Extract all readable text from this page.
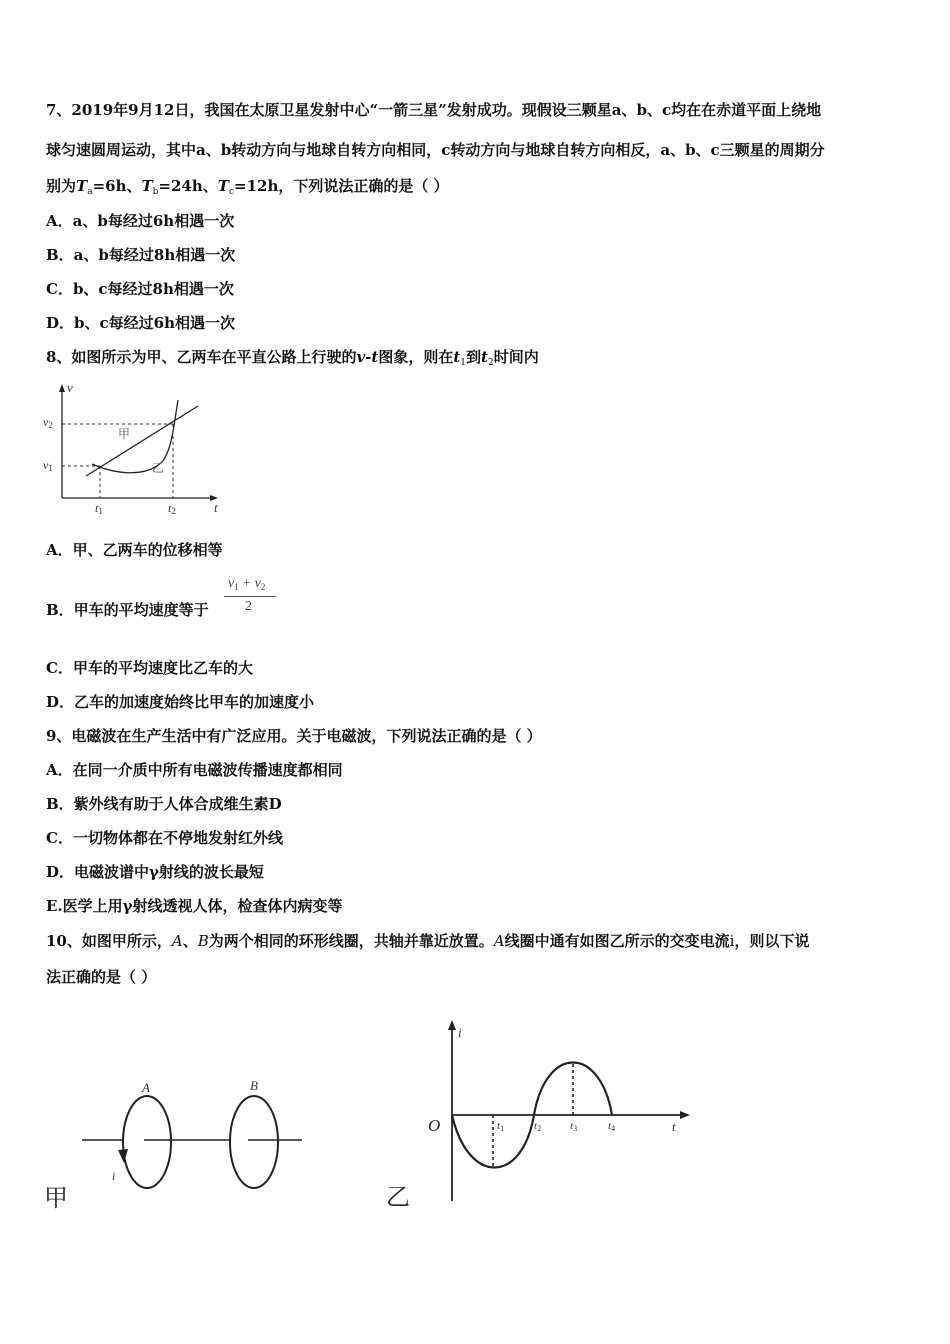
7、2019年9月12日，我国在太原卫星发射中心“一箭三星”发射成功。现假设三颗星a、b、c均在在赤道平面上绕地
球匀速圆周运动，其中a、b转动方向与地球自转方向相同，c转动方向与地球自转方向相反，a、b、c三颗星的周期分
别为$T_a=6h$、$T_b=24h$、$T_c=12h$，下列说法正确的是（ ）
A．a、b每经过6h相遇一次
B．a、b每经过8h相遇一次
C．b、c每经过8h相遇一次
D．b、c每经过6h相遇一次
8、如图所示为甲、乙两车在平直公路上行驶的v-t图象，则在$t_1$到$t_2$时间内
v
t
v2
v1
t1	t2
甲
乙
A．甲、乙两车的位移相等
B．甲车的平均速度等于
$v_1 + v_2$
2
C．甲车的平均速度比乙车的大
D．乙车的加速度始终比甲车的加速度小
9、电磁波在生产生活中有广泛应用。关于电磁波，下列说法正确的是（ ）
A．在同一介质中所有电磁波传播速度都相同
B．紫外线有助于人体合成维生素D
C．一切物体都在不停地发射红外线
D．电磁波谱中γ射线的波长最短
E.医学上用γ射线透视人体，检查体内病变等
10、如图甲所示，A、B为两个相同的环形线圈，共轴并靠近放置。A线圈中通有如图乙所示的交变电流i，则以下说
法正确的是（ ）
A	B
i
甲
i
t
O	t1	t2	t3	t4
乙
